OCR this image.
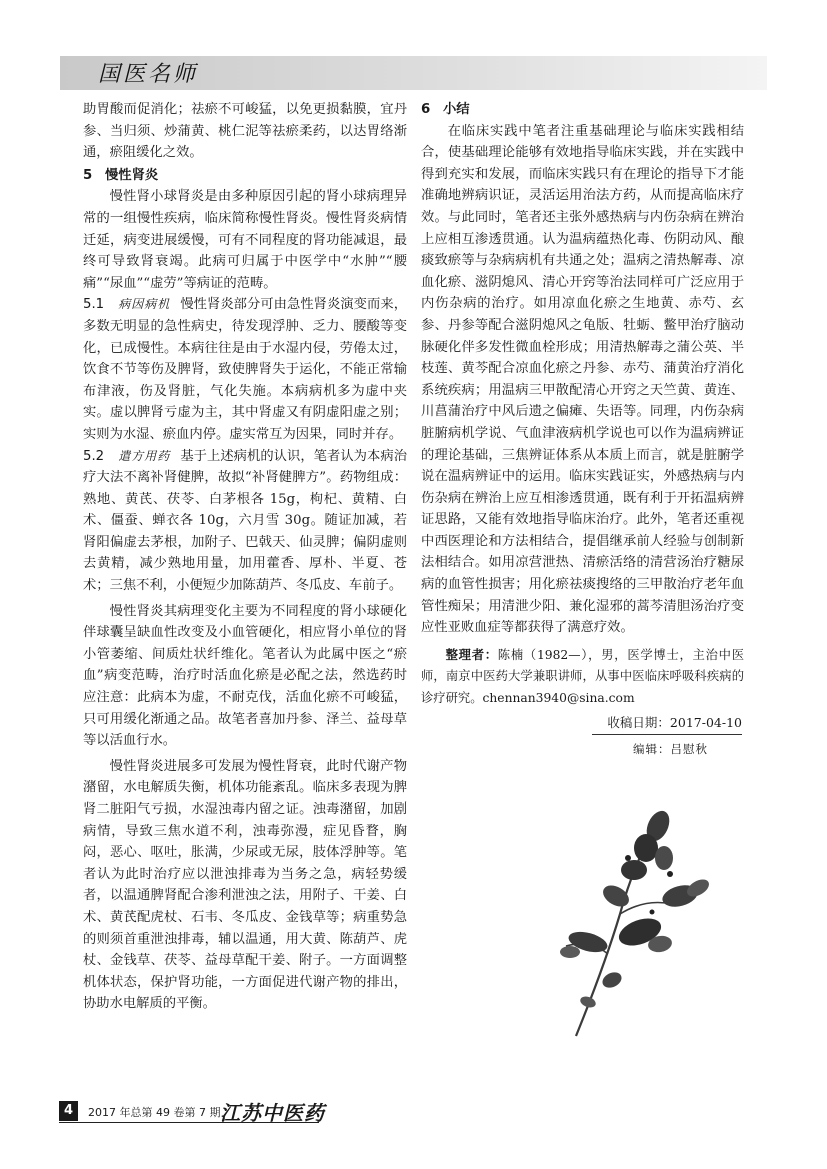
国医名师

助胃酸而促消化；祛瘀不可峻猛，以免更损黏膜，宜丹参、当归须、炒蒲黄、桃仁泥等祛瘀柔药，以达胃络渐通，瘀阻缓化之效。

5 慢性肾炎

慢性肾小球肾炎是由多种原因引起的肾小球病理异常的一组慢性疾病，临床简称慢性肾炎。慢性肾炎病情迁延，病变进展缓慢，可有不同程度的肾功能减退，最终可导致肾衰竭。此病可归属于中医学中“水肿”“腰痛”“尿血”“虚劳”等病证的范畴。

5.1 病因病机 慢性肾炎部分可由急性肾炎演变而来，多数无明显的急性病史，待发现浮肿、乏力、腰酸等变化，已成慢性。本病往往是由于水湿内侵，劳倦太过，饮食不节等伤及脾肾，致使脾肾失于运化，不能正常输布津液，伤及肾脏，气化失施。本病病机多为虚中夹实。虚以脾肾亏虚为主，其中肾虚又有阴虚阳虚之别；实则为水湿、瘀血内停。虚实常互为因果，同时并存。

5.2 遣方用药 基于上述病机的认识，笔者认为本病治疗大法不离补肾健脾，故拟“补肾健脾方”。药物组成：熟地、黄芪、茯苓、白茅根各 15g，枸杞、黄精、白术、僵蚕、蝉衣各 10g，六月雪 30g。随证加减，若肾阳偏虚去茅根，加附子、巴戟天、仙灵脾；偏阴虚则去黄精，减少熟地用量，加用藿香、厚朴、半夏、苍术；三焦不利，小便短少加陈葫芦、冬瓜皮、车前子。

慢性肾炎其病理变化主要为不同程度的肾小球硬化伴球囊呈缺血性改变及小血管硬化，相应肾小单位的肾小管萎缩、间质灶状纤维化。笔者认为此属中医之“瘀血”病变范畴，治疗时活血化瘀是必配之法，然选药时应注意：此病本为虚，不耐克伐，活血化瘀不可峻猛，只可用缓化渐通之品。故笔者喜加丹参、泽兰、益母草等以活血行水。

慢性肾炎进展多可发展为慢性肾衰，此时代谢产物潴留，水电解质失衡，机体功能紊乱。临床多表现为脾肾二脏阳气亏损，水湿浊毒内留之证。浊毒潴留，加剧病情，导致三焦水道不利，浊毒弥漫，症见昏瞀，胸闷，恶心、呕吐，胀满，少尿或无尿，肢体浮肿等。笔者认为此时治疗应以泄浊排毒为当务之急，病轻势缓者，以温通脾肾配合渗利泄浊之法，用附子、干姜、白术、黄芪配虎杖、石韦、冬瓜皮、金钱草等；病重势急的则须首重泄浊排毒，辅以温通，用大黄、陈葫芦、虎杖、金钱草、茯苓、益母草配干姜、附子。一方面调整机体状态，保护肾功能，一方面促进代谢产物的排出，协助水电解质的平衡。

6 小结

在临床实践中笔者注重基础理论与临床实践相结合，使基础理论能够有效地指导临床实践，并在实践中得到充实和发展，而临床实践只有在理论的指导下才能准确地辨病识证，灵活运用治法方药，从而提高临床疗效。与此同时，笔者还主张外感热病与内伤杂病在辨治上应相互渗透贯通。认为温病蕴热化毒、伤阴动风、酿痰致瘀等与杂病病机有共通之处；温病之清热解毒、凉血化瘀、滋阴熄风、清心开窍等治法同样可广泛应用于内伤杂病的治疗。如用凉血化瘀之生地黄、赤芍、玄参、丹参等配合滋阴熄风之龟版、牡蛎、鳖甲治疗脑动脉硬化伴多发性微血栓形成；用清热解毒之蒲公英、半枝莲、黄芩配合凉血化瘀之丹参、赤芍、蒲黄治疗消化系统疾病；用温病三甲散配清心开窍之天竺黄、黄连、川菖蒲治疗中风后遗之偏瘫、失语等。同理，内伤杂病脏腑病机学说、气血津液病机学说也可以作为温病辨证的理论基础，三焦辨证体系从本质上而言，就是脏腑学说在温病辨证中的运用。临床实践证实，外感热病与内伤杂病在辨治上应互相渗透贯通，既有利于开拓温病辨证思路，又能有效地指导临床治疗。此外，笔者还重视中西医理论和方法相结合，提倡继承前人经验与创制新法相结合。如用凉营泄热、清瘀活络的清营汤治疗糖尿病的血管性损害；用化瘀祛痰搜络的三甲散治疗老年血管性痴呆；用清泄少阳、兼化湿邪的蒿芩清胆汤治疗变应性亚败血症等都获得了满意疗效。

整理者：陈楠（1982—），男，医学博士，主治中医师，南京中医药大学兼职讲师，从事中医临床呼吸科疾病的诊疗研究。chennan3940@sina.com

收稿日期：2017-04-10
编辑：吕慰秋
4	2017 年总第 49 卷第 7 期 江苏中医药
